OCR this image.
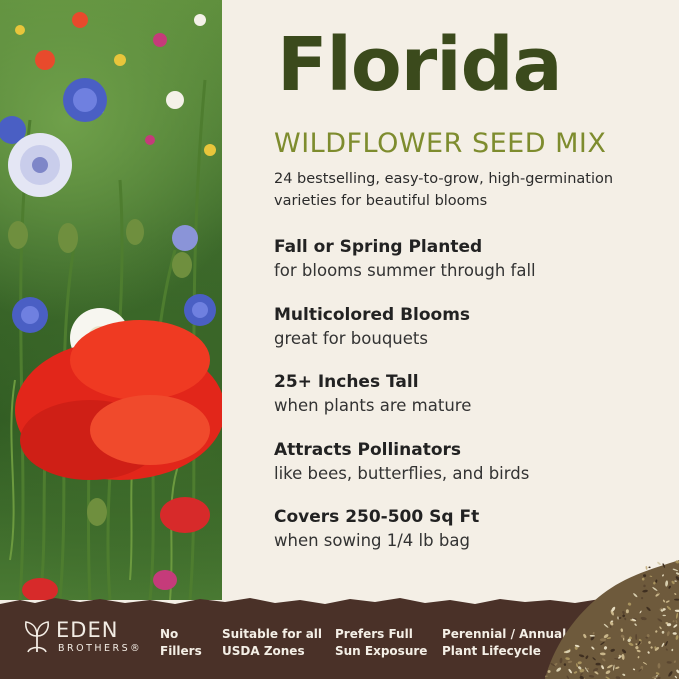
Florida
WILDFLOWER SEED MIX

24 bestselling, easy-to-grow, high-germination varieties for beautiful blooms

Fall or Spring Planted
for blooms summer through fall
Multicolored Blooms
great for bouquets
25+ Inches Tall
when plants are mature
Attracts Pollinators
like bees, butterflies, and birds
Covers 250-500 Sq Ft
when sowing 1/4 lb bag
EDEN
BROTHERS®
No
Fillers
Suitable for all
USDA Zones
Prefers Full
Sun Exposure
Perennial / Annual
Plant Lifecycle
